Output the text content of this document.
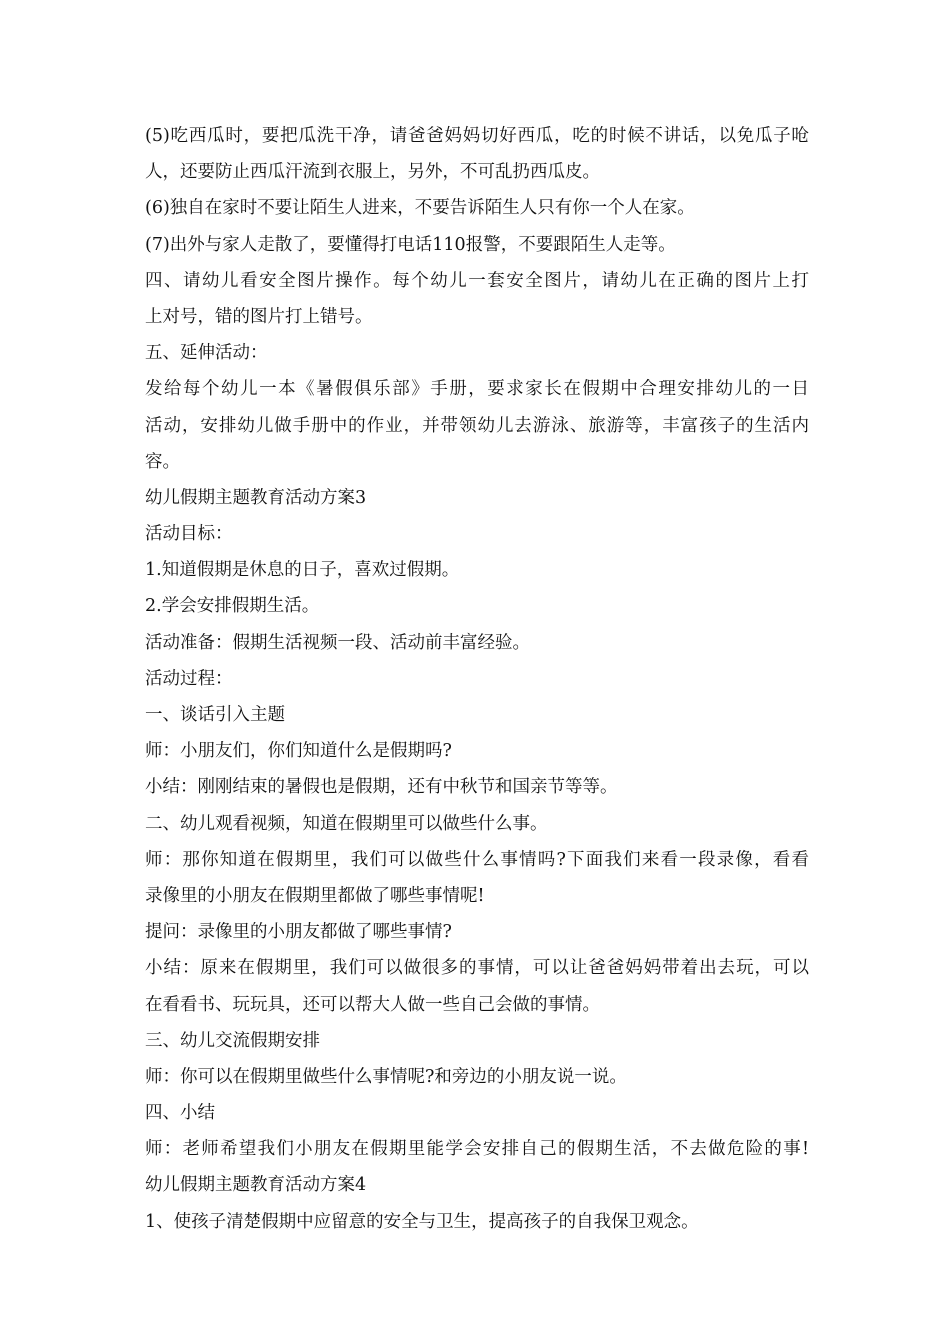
(5)吃西瓜时，要把瓜洗干净，请爸爸妈妈切好西瓜，吃的时候不讲话，以免瓜子呛
人，还要防止西瓜汗流到衣服上，另外，不可乱扔西瓜皮。
(6)独自在家时不要让陌生人进来，不要告诉陌生人只有你一个人在家。
(7)出外与家人走散了，要懂得打电话110报警，不要跟陌生人走等。
四、请幼儿看安全图片操作。每个幼儿一套安全图片，请幼儿在正确的图片上打
上对号，错的图片打上错号。
五、延伸活动：
发给每个幼儿一本《暑假俱乐部》手册，要求家长在假期中合理安排幼儿的一日
活动，安排幼儿做手册中的作业，并带领幼儿去游泳、旅游等，丰富孩子的生活内
容。
幼儿假期主题教育活动方案3
活动目标：
1.知道假期是休息的日子，喜欢过假期。
2.学会安排假期生活。
活动准备：假期生活视频一段、活动前丰富经验。
活动过程：
一、谈话引入主题
师：小朋友们，你们知道什么是假期吗?
小结：刚刚结束的暑假也是假期，还有中秋节和国亲节等等。
二、幼儿观看视频，知道在假期里可以做些什么事。
师：那你知道在假期里，我们可以做些什么事情吗?下面我们来看一段录像，看看
录像里的小朋友在假期里都做了哪些事情呢!
提问：录像里的小朋友都做了哪些事情?
小结：原来在假期里，我们可以做很多的事情，可以让爸爸妈妈带着出去玩，可以
在看看书、玩玩具，还可以帮大人做一些自己会做的事情。
三、幼儿交流假期安排
师：你可以在假期里做些什么事情呢?和旁边的小朋友说一说。
四、小结
师：老师希望我们小朋友在假期里能学会安排自己的假期生活，不去做危险的事!
幼儿假期主题教育活动方案4
1、使孩子清楚假期中应留意的安全与卫生，提高孩子的自我保卫观念。
